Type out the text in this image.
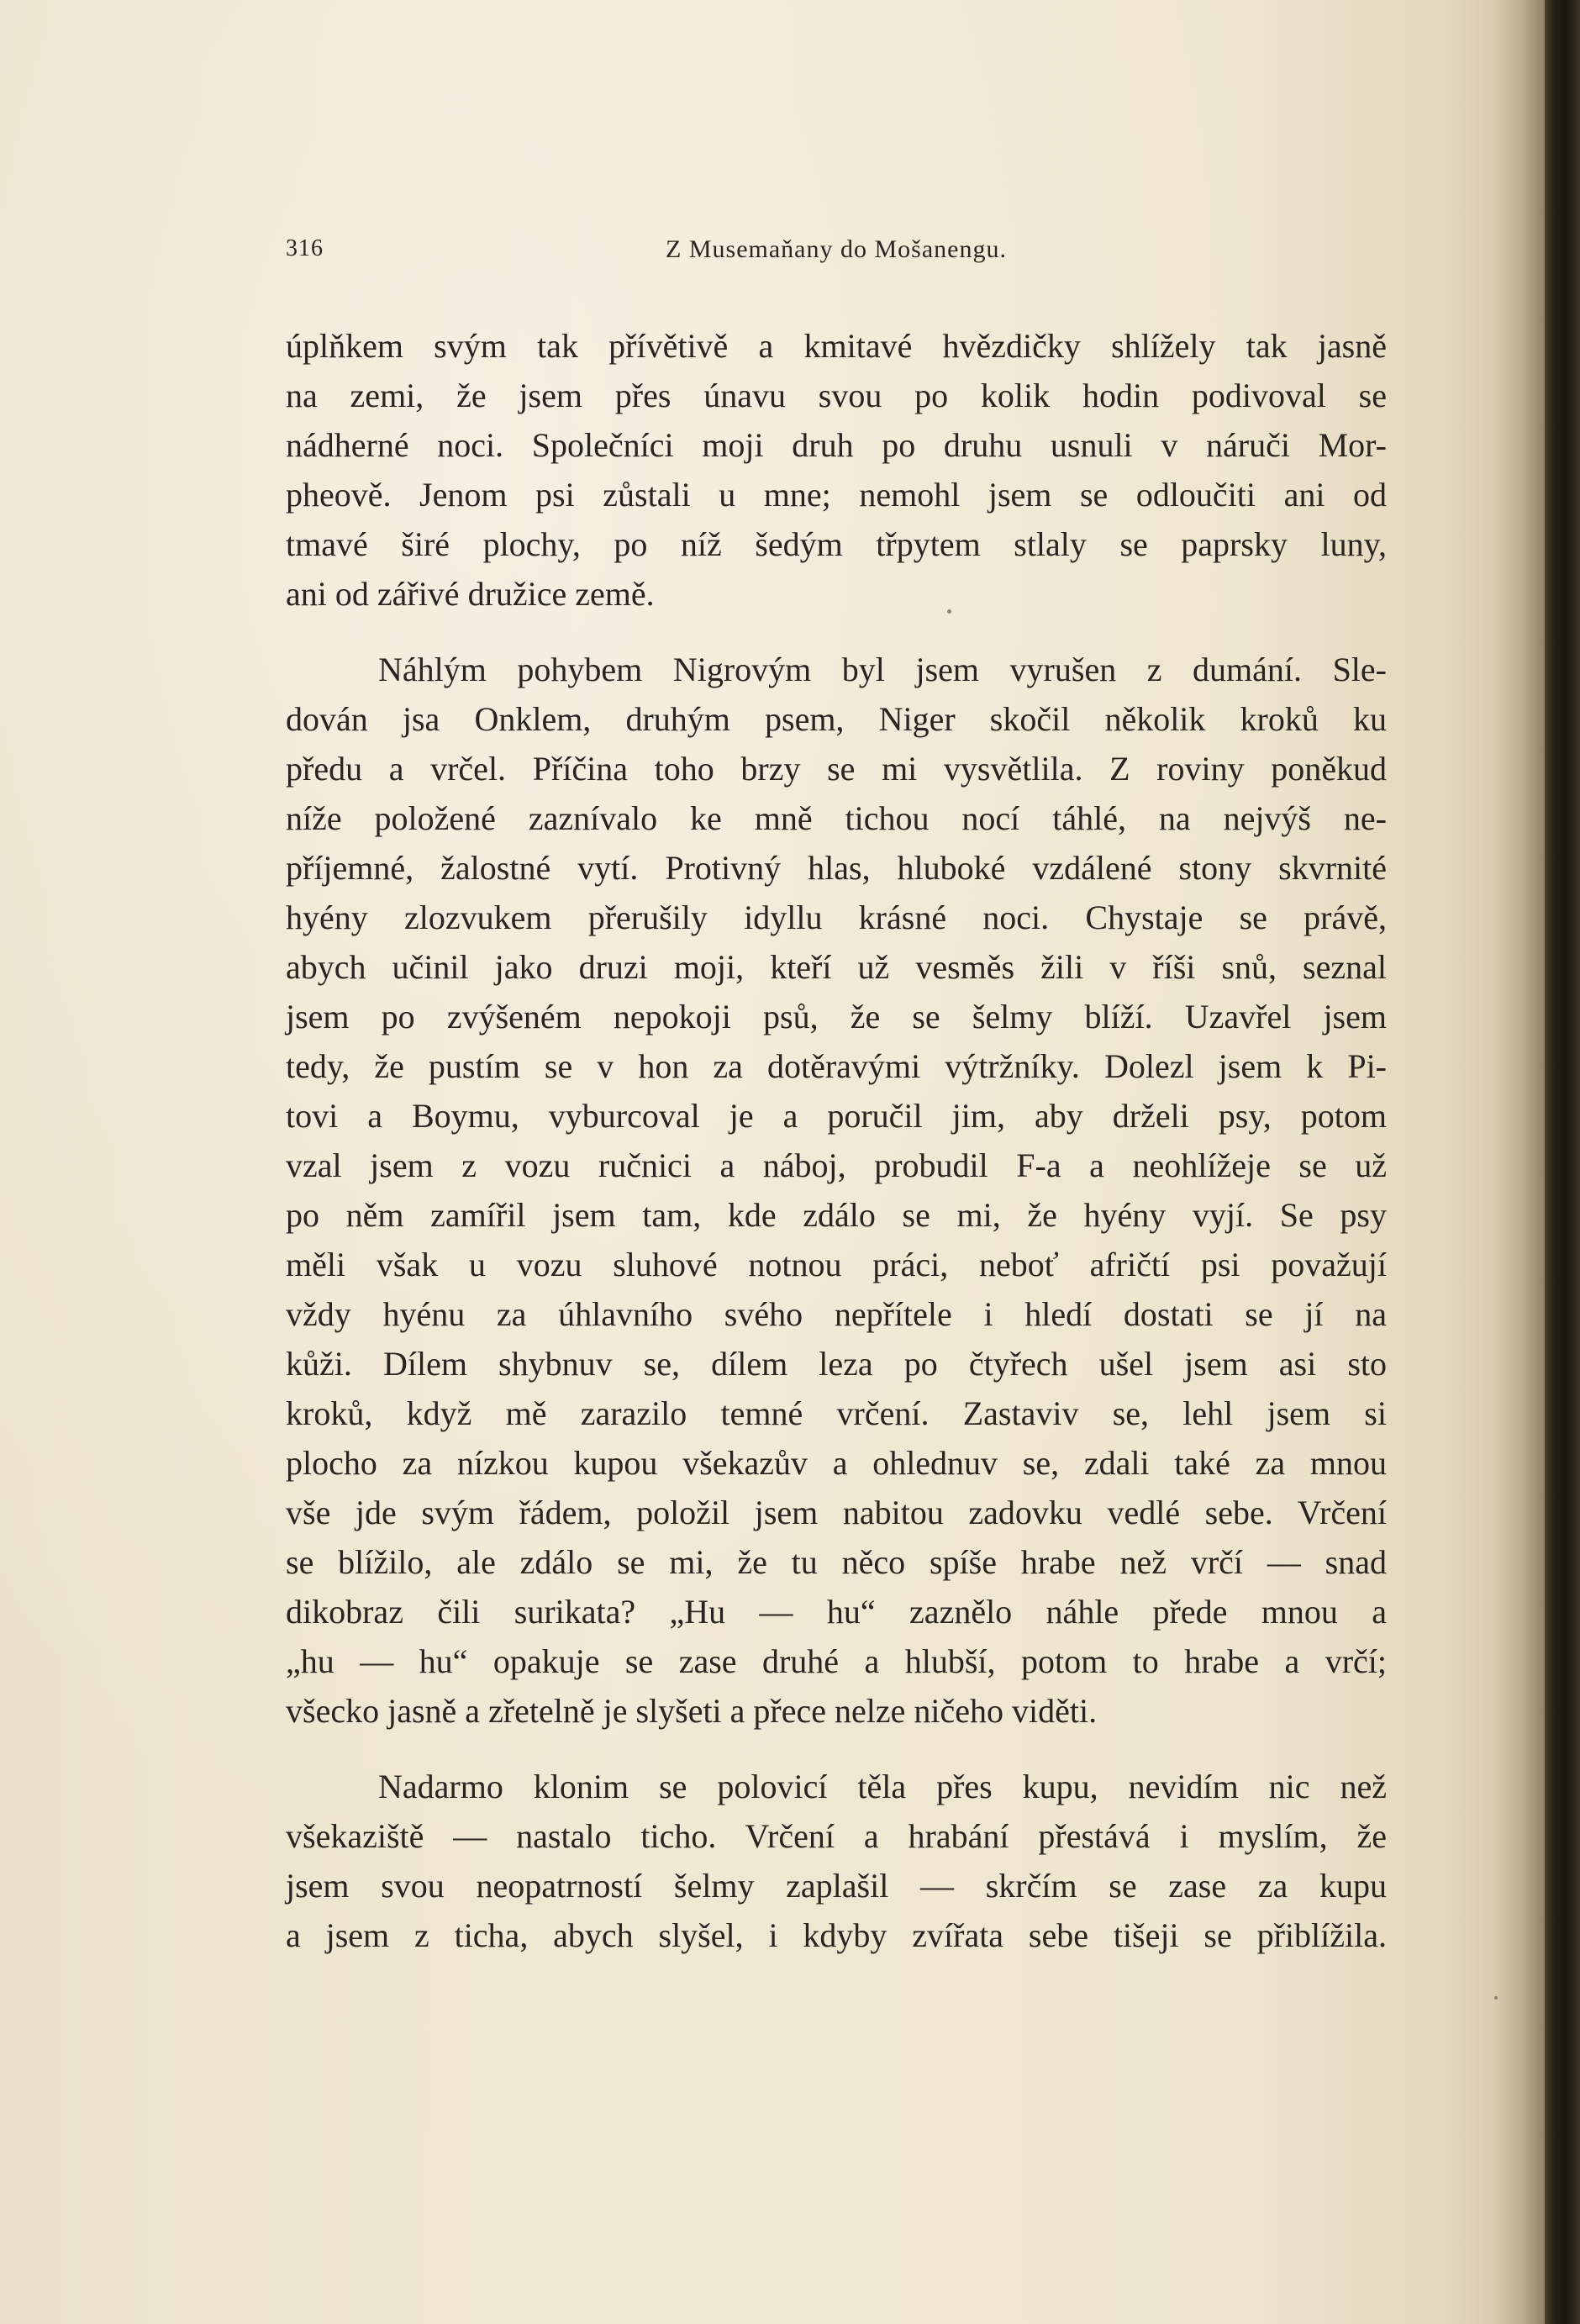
316	Z Musemaňany do Mošanengu.

úplňkem svým tak přívětivě a kmitavé hvězdičky shlížely tak jasně
na zemi, že jsem přes únavu svou po kolik hodin podivoval se
nádherné noci. Společníci moji druh po druhu usnuli v náruči Mor-
pheově. Jenom psi zůstali u mne; nemohl jsem se odloučiti ani od
tmavé širé plochy, po níž šedým třpytem stlaly se paprsky luny,
ani od zářivé družice země.

Náhlým pohybem Nigrovým byl jsem vyrušen z dumání. Sle-
dován jsa Onklem, druhým psem, Niger skočil několik kroků ku
předu a vrčel. Příčina toho brzy se mi vysvětlila. Z roviny poněkud
níže položené zaznívalo ke mně tichou nocí táhlé, na nejvýš ne-
příjemné, žalostné vytí. Protivný hlas, hluboké vzdálené stony skvrnité
hyény zlozvukem přerušily idyllu krásné noci. Chystaje se právě,
abych učinil jako druzi moji, kteří už vesměs žili v říši snů, seznal
jsem po zvýšeném nepokoji psů, že se šelmy blíží. Uzavřel jsem
tedy, že pustím se v hon za dotěravými výtržníky. Dolezl jsem k Pi-
tovi a Boymu, vyburcoval je a poručil jim, aby drželi psy, potom
vzal jsem z vozu ručnici a náboj, probudil F-a a neohlížeje se už
po něm zamířil jsem tam, kde zdálo se mi, že hyény vyjí. Se psy
měli však u vozu sluhové notnou práci, neboť afričtí psi považují
vždy hyénu za úhlavního svého nepřítele i hledí dostati se jí na
kůži. Dílem shybnuv se, dílem leza po čtyřech ušel jsem asi sto
kroků, když mě zarazilo temné vrčení. Zastaviv se, lehl jsem si
plocho za nízkou kupou všekazův a ohlednuv se, zdali také za mnou
vše jde svým řádem, položil jsem nabitou zadovku vedlé sebe. Vrčení
se blížilo, ale zdálo se mi, že tu něco spíše hrabe než vrčí — snad
dikobraz čili surikata? „Hu — hu“ zaznělo náhle přede mnou a
„hu — hu“ opakuje se zase druhé a hlubší, potom to hrabe a vrčí;
všecko jasně a zřetelně je slyšeti a přece nelze ničeho viděti.

Nadarmo klonim se polovicí těla přes kupu, nevidím nic než
všekaziště — nastalo ticho. Vrčení a hrabání přestává i myslím, že
jsem svou neopatrností šelmy zaplašil — skrčím se zase za kupu
a jsem z ticha, abych slyšel, i kdyby zvířata sebe tišeji se přiblížila.
